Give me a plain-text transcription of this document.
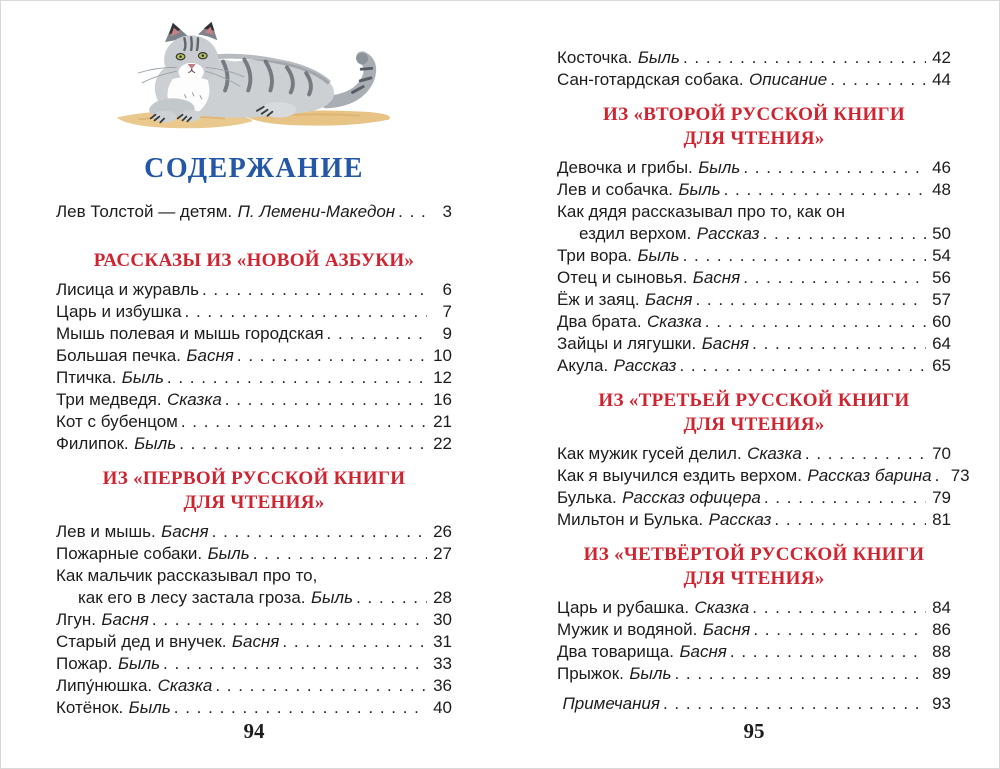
СОДЕРЖАНИЕ
Лев Толстой — детям. П. Лемени-Македон . . .	3
РАССКАЗЫ ИЗ «НОВОЙ АЗБУКИ»
Лисица и журавль . . .	6
Царь и избушка . . .	7
Мышь полевая и мышь городская . . .	9
Большая печка. Басня . . .	10
Птичка. Быль . . .	12
Три медведя. Сказка . . .	16
Кот с бубенцом . . .	21
Филипок. Быль . . .	22
ИЗ «ПЕРВОЙ РУССКОЙ КНИГИ
ДЛЯ ЧТЕНИЯ»
Лев и мышь. Басня . . .	26
Пожарные собаки. Быль . . .	27
Как мальчик рассказывал про то,
как его в лесу застала гроза. Быль . . .	28
Лгун. Басня . . .	30
Старый дед и внучек. Басня . . .	31
Пожар. Быль . . .	33
Липу́нюшка. Сказка . . .	36
Котёнок. Быль . . .	40
94
Косточка. Быль . . .	42
Сан-готардская собака. Описание . . .	44
ИЗ «ВТОРОЙ РУССКОЙ КНИГИ
ДЛЯ ЧТЕНИЯ»
Девочка и грибы. Быль . . .	46
Лев и собачка. Быль . . .	48
Как дядя рассказывал про то, как он
ездил верхом. Рассказ . . .	50
Три вора. Быль . . .	54
Отец и сыновья. Басня . . .	56
Ёж и заяц. Басня . . .	57
Два брата. Сказка . . .	60
Зайцы и лягушки. Басня . . .	64
Акула. Рассказ . . .	65
ИЗ «ТРЕТЬЕЙ РУССКОЙ КНИГИ
ДЛЯ ЧТЕНИЯ»
Как мужик гусей делил. Сказка . . .	70
Как я выучился ездить верхом. Рассказ барина . . . 73
Булька. Рассказ офицера . . .	79
Мильтон и Булька. Рассказ . . .	81
ИЗ «ЧЕТВЁРТОЙ РУССКОЙ КНИГИ
ДЛЯ ЧТЕНИЯ»
Царь и рубашка. Сказка . . .	84
Мужик и водяной. Басня . . .	86
Два товарища. Басня . . .	88
Прыжок. Быль . . .	89
Примечания . . .	93
95
